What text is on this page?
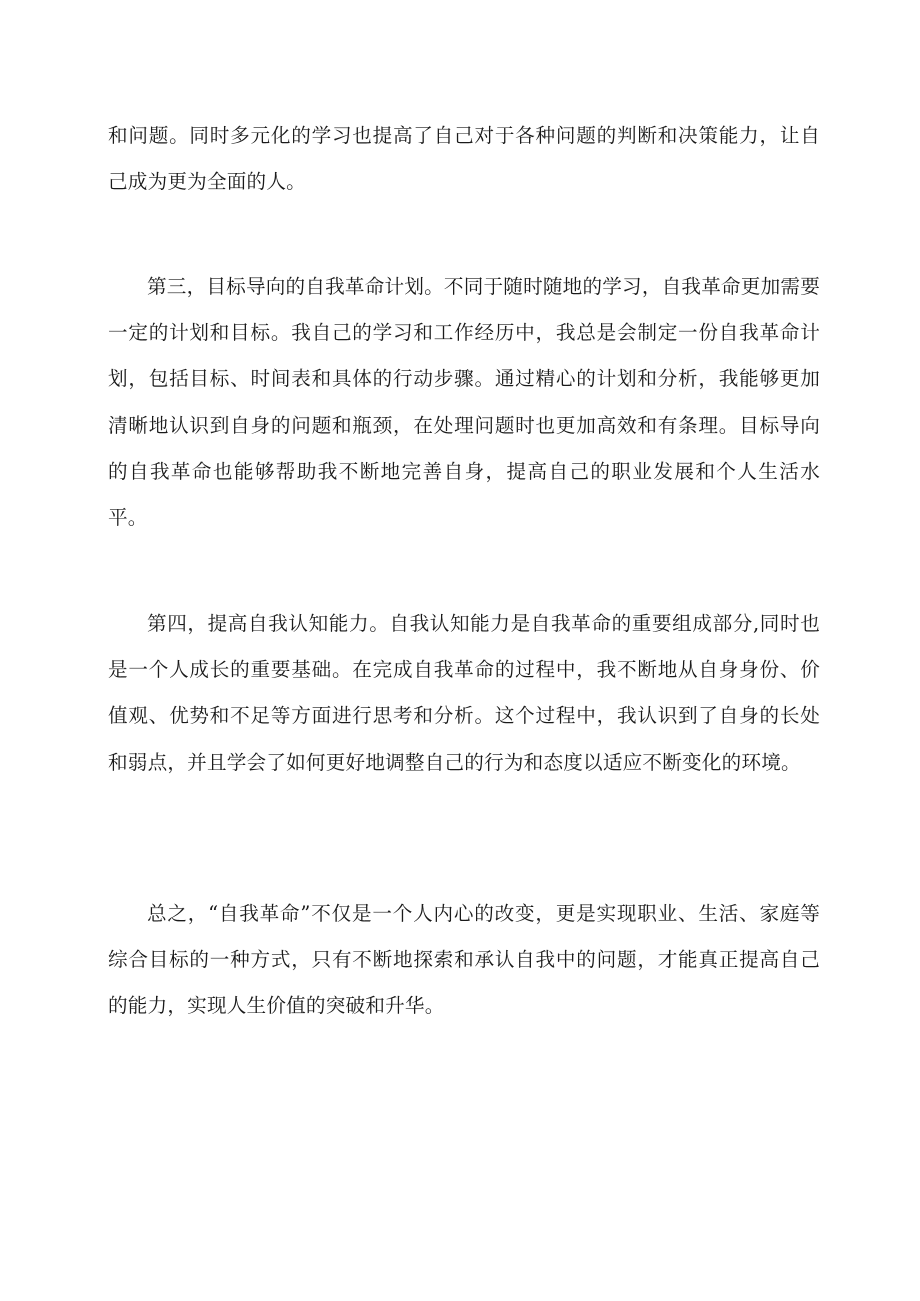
和问题。同时多元化的学习也提高了自己对于各种问题的判断和决策能力，让自己成为更为全面的人。

第三，目标导向的自我革命计划。不同于随时随地的学习，自我革命更加需要一定的计划和目标。我自己的学习和工作经历中，我总是会制定一份自我革命计划，包括目标、时间表和具体的行动步骤。通过精心的计划和分析，我能够更加清晰地认识到自身的问题和瓶颈，在处理问题时也更加高效和有条理。目标导向的自我革命也能够帮助我不断地完善自身，提高自己的职业发展和个人生活水平。

第四，提高自我认知能力。自我认知能力是自我革命的重要组成部分,同时也是一个人成长的重要基础。在完成自我革命的过程中，我不断地从自身身份、价值观、优势和不足等方面进行思考和分析。这个过程中，我认识到了自身的长处和弱点，并且学会了如何更好地调整自己的行为和态度以适应不断变化的环境。

总之，“自我革命”不仅是一个人内心的改变，更是实现职业、生活、家庭等综合目标的一种方式，只有不断地探索和承认自我中的问题，才能真正提高自己的能力，实现人生价值的突破和升华。
